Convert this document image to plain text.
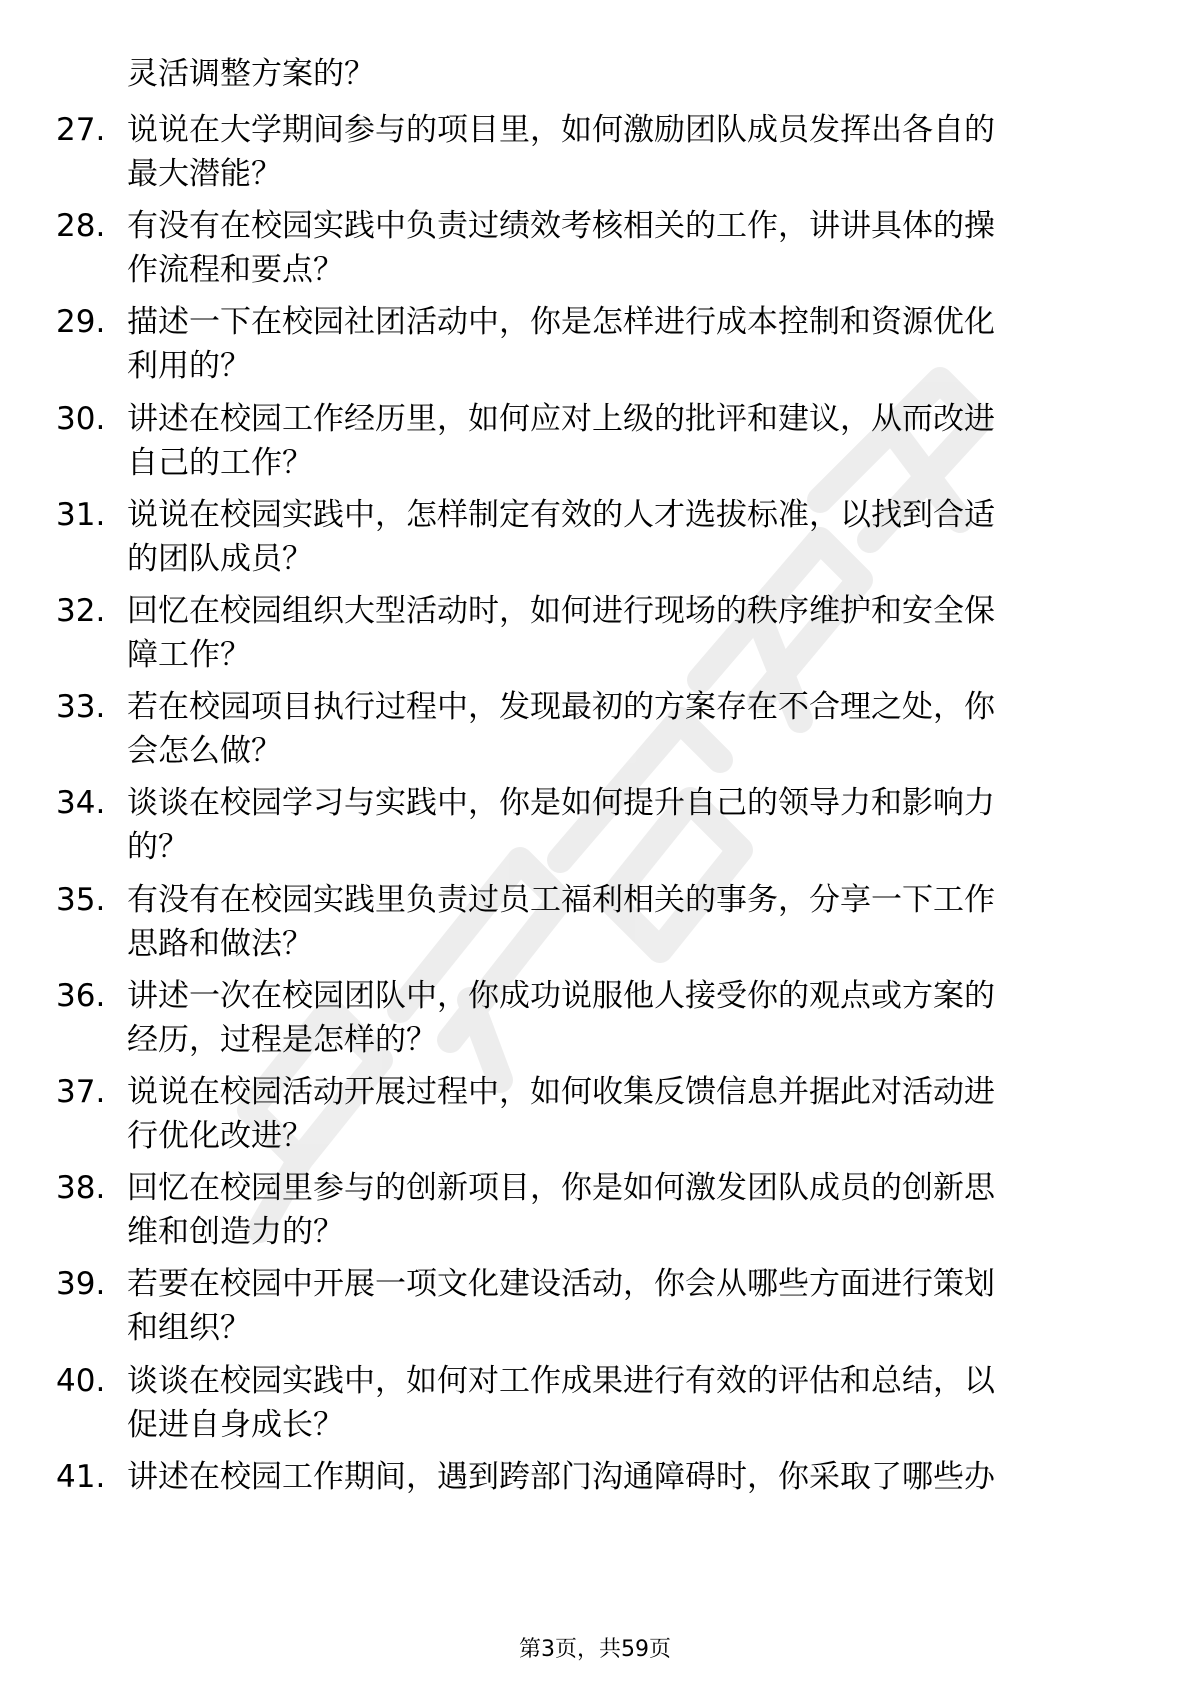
灵活调整方案的？
27. 说说在大学期间参与的项目里，如何激励团队成员发挥出各自的
最大潜能？
28. 有没有在校园实践中负责过绩效考核相关的工作，讲讲具体的操
作流程和要点？
29. 描述一下在校园社团活动中，你是怎样进行成本控制和资源优化
利用的？
30. 讲述在校园工作经历里，如何应对上级的批评和建议，从而改进
自己的工作？
31. 说说在校园实践中，怎样制定有效的人才选拔标准，以找到合适
的团队成员？
32. 回忆在校园组织大型活动时，如何进行现场的秩序维护和安全保
障工作？
33. 若在校园项目执行过程中，发现最初的方案存在不合理之处，你
会怎么做？
34. 谈谈在校园学习与实践中，你是如何提升自己的领导力和影响力
的？
35. 有没有在校园实践里负责过员工福利相关的事务，分享一下工作
思路和做法？
36. 讲述一次在校园团队中，你成功说服他人接受你的观点或方案的
经历，过程是怎样的？
37. 说说在校园活动开展过程中，如何收集反馈信息并据此对活动进
行优化改进？
38. 回忆在校园里参与的创新项目，你是如何激发团队成员的创新思
维和创造力的？
39. 若要在校园中开展一项文化建设活动，你会从哪些方面进行策划
和组织？
40. 谈谈在校园实践中，如何对工作成果进行有效的评估和总结，以
促进自身成长？
41. 讲述在校园工作期间，遇到跨部门沟通障碍时，你采取了哪些办
第3页，共59页
